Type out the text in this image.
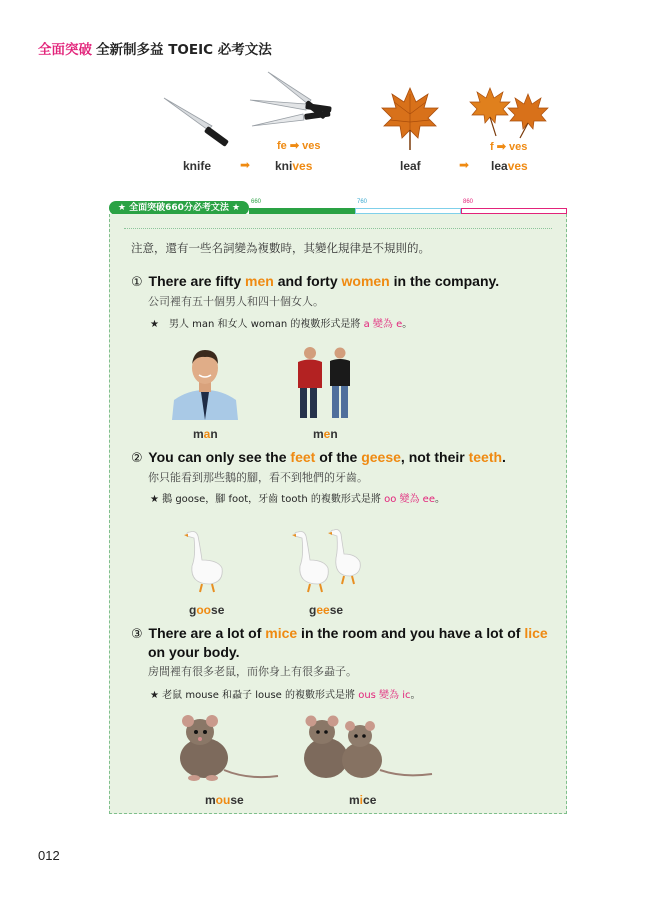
全面突破 全新制多益 TOEIC 必考文法
fe ➡ ves
knife ➡ knives
f ➡ ves
leaf	➡ leaves
★ 全面突破660分必考文法 ★
660	760	860
注意，還有一些名詞變為複數時，其變化規律是不規則的。
① There are fifty men and forty women in the company.
公司裡有五十個男人和四十個女人。
★　男人 man 和女人 woman 的複數形式是將 a 變為 e。
man	men
② You can only see the feet of the geese, not their teeth.
你只能看到那些鵝的腳，看不到牠們的牙齒。
★ 鵝 goose，腳 foot，牙齒 tooth 的複數形式是將 oo 變為 ee。
goose	geese
③ There are a lot of mice in the room and you have a lot of lice
on your body.
房間裡有很多老鼠，而你身上有很多蝨子。
★ 老鼠 mouse 和蝨子 louse 的複數形式是將 ous 變為 ic。
mouse	mice
012
